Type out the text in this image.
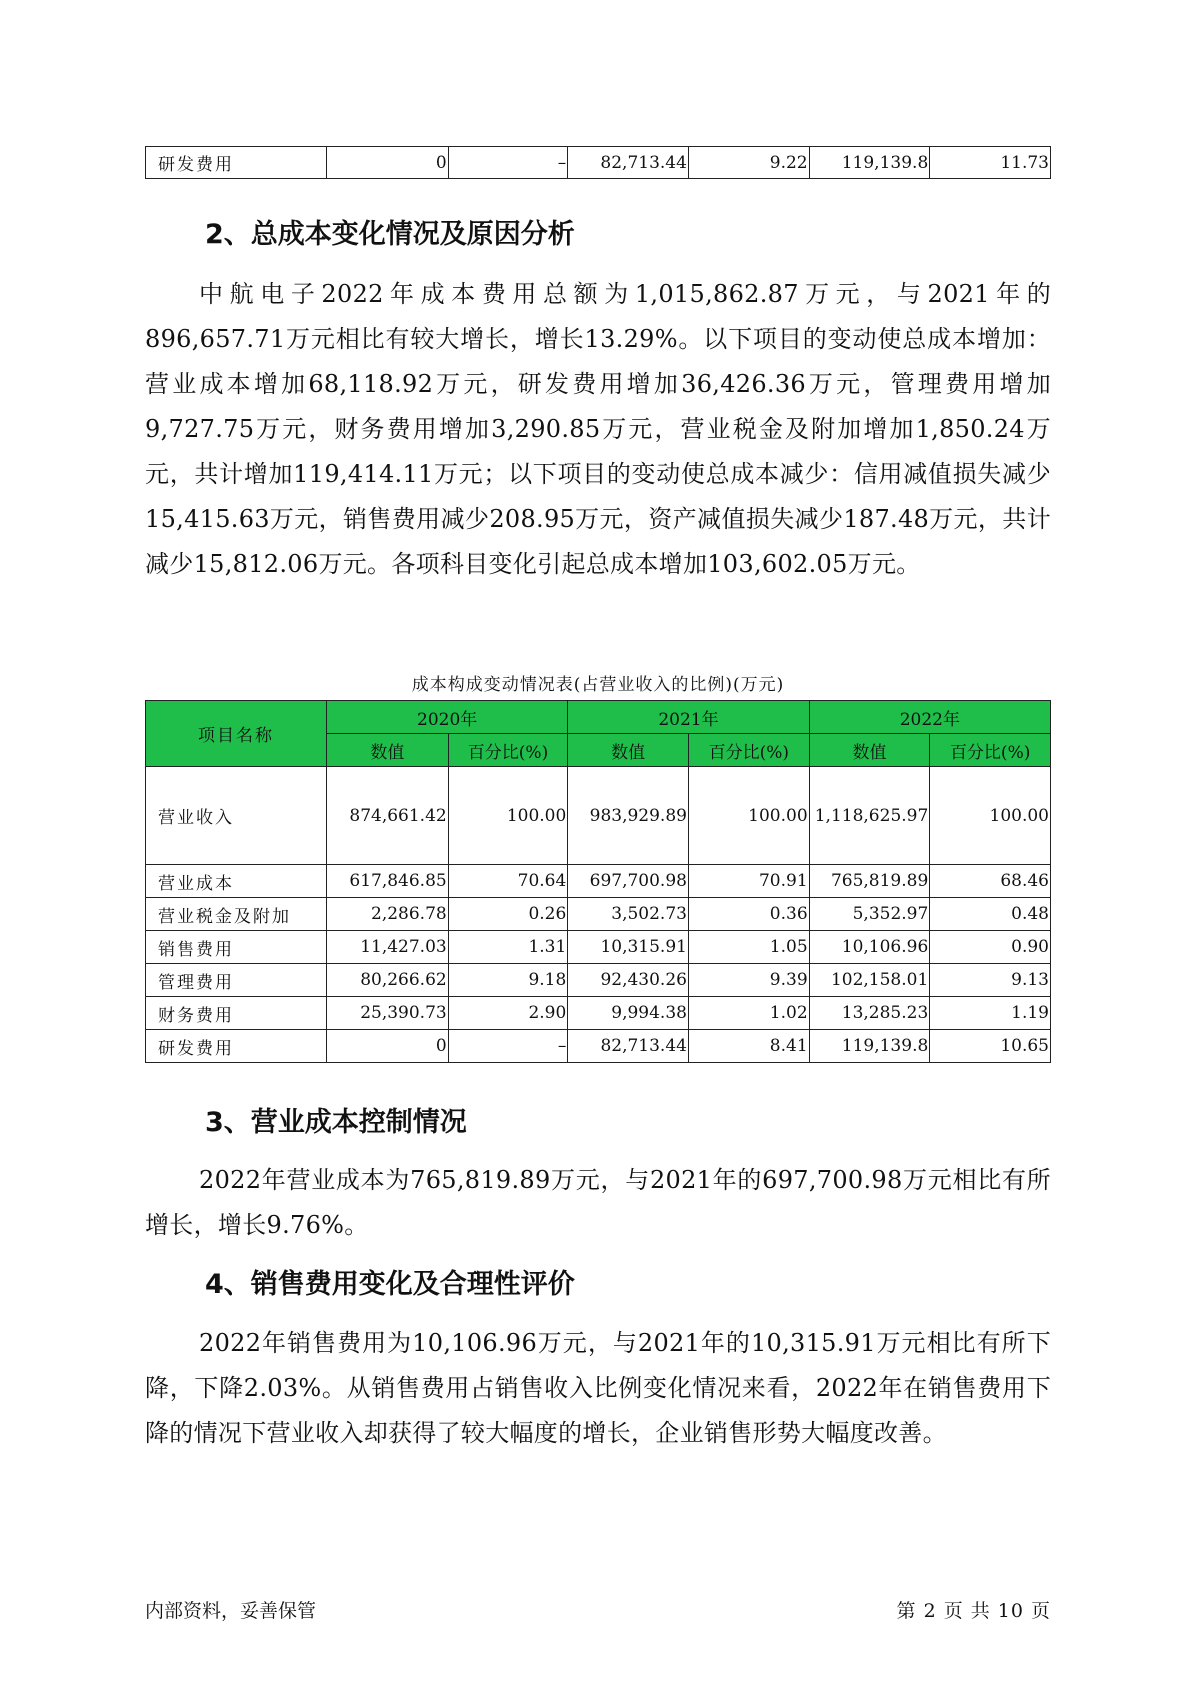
研发费用	0	–	82,713.44	9.22	119,139.8	11.73
2、总成本变化情况及原因分析

中航电子2022年成本费用总额为1,015,862.87万元，与2021年的896,657.71万元相比有较大增长，增长13.29%。以下项目的变动使总成本增加：营业成本增加68,118.92万元，研发费用增加36,426.36万元，管理费用增加9,727.75万元，财务费用增加3,290.85万元，营业税金及附加增加1,850.24万元，共计增加119,414.11万元；以下项目的变动使总成本减少：信用减值损失减少15,415.63万元，销售费用减少208.95万元，资产减值损失减少187.48万元，共计减少15,812.06万元。各项科目变化引起总成本增加103,602.05万元。

成本构成变动情况表(占营业收入的比例)(万元)
项目名称	2020年		2021年		2022年	
	数值	百分比(%)	数值	百分比(%)	数值	百分比(%)
营业收入	874,661.42	100.00	983,929.89	100.00	1,118,625.97	100.00
营业成本	617,846.85	70.64	697,700.98	70.91	765,819.89	68.46
营业税金及附加	2,286.78	0.26	3,502.73	0.36	5,352.97	0.48
销售费用	11,427.03	1.31	10,315.91	1.05	10,106.96	0.90
管理费用	80,266.62	9.18	92,430.26	9.39	102,158.01	9.13
财务费用	25,390.73	2.90	9,994.38	1.02	13,285.23	1.19
研发费用	0	–	82,713.44	8.41	119,139.8	10.65
3、营业成本控制情况

2022年营业成本为765,819.89万元，与2021年的697,700.98万元相比有所增长，增长9.76%。

4、销售费用变化及合理性评价

2022年销售费用为10,106.96万元，与2021年的10,315.91万元相比有所下降，下降2.03%。从销售费用占销售收入比例变化情况来看，2022年在销售费用下降的情况下营业收入却获得了较大幅度的增长，企业销售形势大幅度改善。

内部资料，妥善保管	第 2 页 共 10 页
